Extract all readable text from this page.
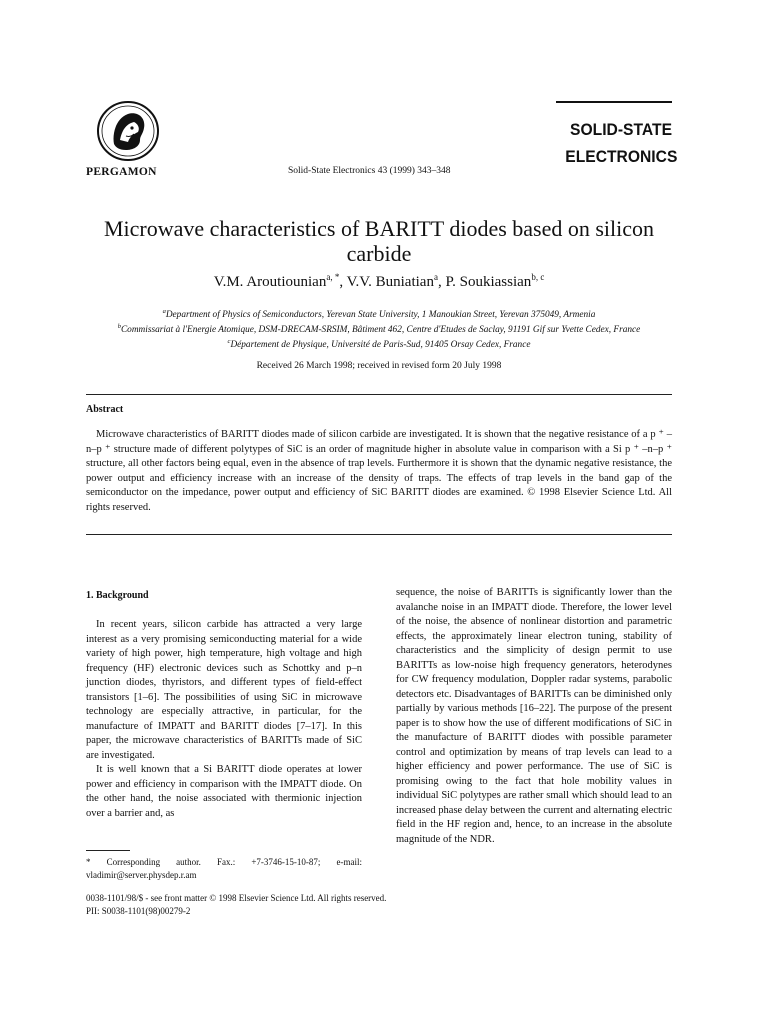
PERGAMON	Solid-State Electronics 43 (1999) 343–348
SOLID-STATE
ELECTRONICS
Microwave characteristics of BARITT diodes based on silicon carbide
V.M. Aroutiounian$^{a, *}$, V.V. Buniatian$^a$, P. Soukiassian$^{b, c}$
$^a$Department of Physics of Semiconductors, Yerevan State University, 1 Manoukian Street, Yerevan 375049, Armenia
$^b$Commissariat à l'Energie Atomique, DSM-DRECAM-SRSIM, Bâtiment 462, Centre d'Etudes de Saclay, 91191 Gif sur Yvette Cedex, France
$^c$Département de Physique, Université de Paris-Sud, 91405 Orsay Cedex, France
Received 26 March 1998; received in revised form 20 July 1998
Abstract
Microwave characteristics of BARITT diodes made of silicon carbide are investigated. It is shown that the negative resistance of a p ⁺ –n–p ⁺ structure made of different polytypes of SiC is an order of magnitude higher in absolute value in comparison with a Si p ⁺ –n–p ⁺ structure, all other factors being equal, even in the absence of trap levels. Furthermore it is shown that the dynamic negative resistance, the power output and efficiency increase with an increase of the density of traps. The effects of trap levels in the band gap of the semiconductor on the impedance, power output and efficiency of SiC BARITT diodes are examined. © 1998 Elsevier Science Ltd. All rights reserved.
1. Background

In recent years, silicon carbide has attracted a very large interest as a very promising semiconducting material for a wide variety of high power, high temperature, high voltage and high frequency (HF) electronic devices such as Schottky and p–n junction diodes, thyristors, and different types of field-effect transistors [1–6]. The possibilities of using SiC in microwave technology are especially attractive, in particular, for the manufacture of IMPATT and BARITT diodes [7–17]. In this paper, the microwave characteristics of BARITTs made of SiC are investigated.

It is well known that a Si BARITT diode operates at lower power and efficiency in comparison with the IMPATT diode. On the other hand, the noise associated with thermionic injection over a barrier and, as

sequence, the noise of BARITTs is significantly lower than the avalanche noise in an IMPATT diode. Therefore, the lower level of the noise, the absence of nonlinear distortion and parametric effects, the approximately linear electron tuning, stability of characteristics and the simplicity of design permit to use BARITTs as low-noise high frequency generators, heterodynes for CW frequency modulation, Doppler radar systems, parabolic detectors etc. Disadvantages of BARITTs can be diminished only partially by various methods [16–22]. The purpose of the present paper is to show how the use of different modifications of SiC in the manufacture of BARITT diodes with possible parameter control and optimization by means of trap levels can lead to a higher efficiency and power performance. The use of SiC is promising owing to the fact that hole mobility values in individual SiC polytypes are rather small which should lead to an increased phase delay between the current and alternating electric field in the HF region and, hence, to an increase in the absolute magnitude of the NDR.

* Corresponding author. Fax.: +7-3746-15-10-87; e-mail: vladimir@server.physdep.r.am
0038-1101/98/$ - see front matter © 1998 Elsevier Science Ltd. All rights reserved.
PII: S0038-1101(98)00279-2
